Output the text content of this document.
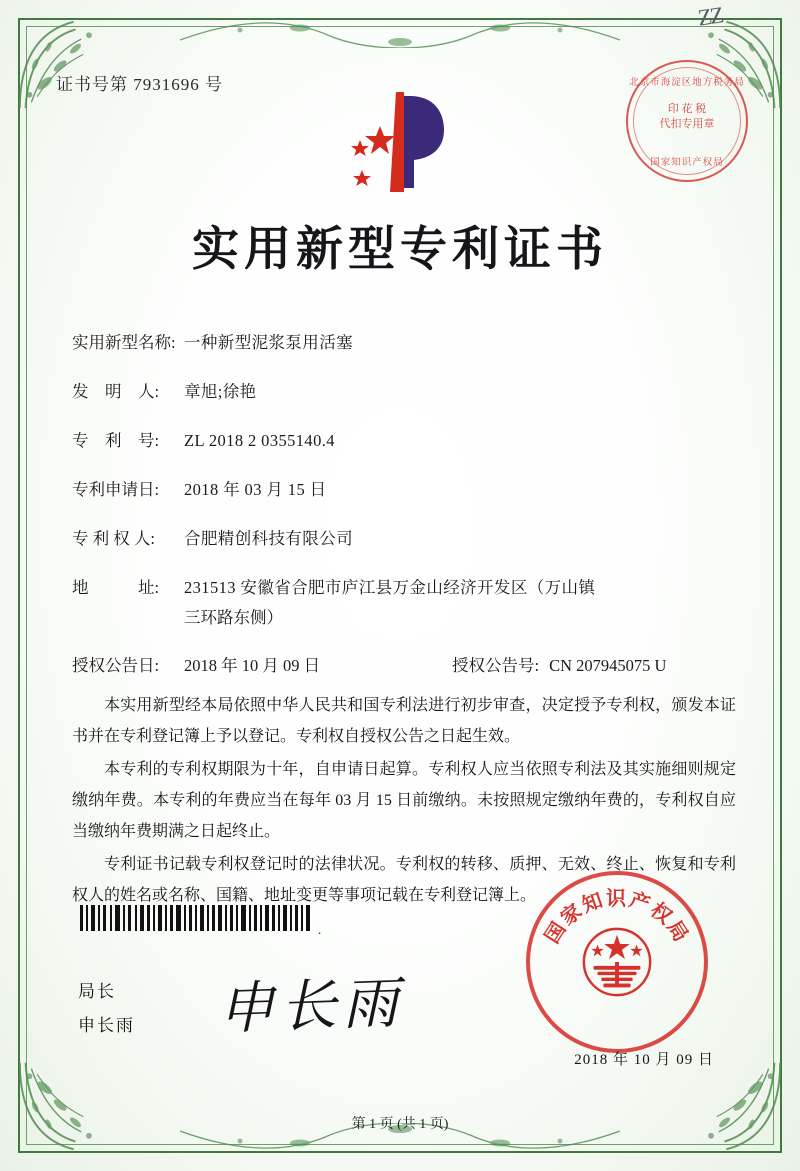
ZZ
证书号第 7931696 号	北京市海淀区地方税务局
印 花 税
代扣专用章
国家知识产权局
实用新型专利证书
实用新型名称: 一种新型泥浆泵用活塞
发　明　人:	章旭;徐艳
专　利　号:	ZL 2018 2 0355140.4
专利申请日:	2018 年 03 月 15 日
专 利 权 人:	合肥精创科技有限公司
地　　　址:	231513 安徽省合肥市庐江县万金山经济开发区（万山镇
三环路东侧）
授权公告日:	2018 年 10 月 09 日	授权公告号: CN 207945075 U

本实用新型经本局依照中华人民共和国专利法进行初步审查，决定授予专利权，颁发本证书并在专利登记簿上予以登记。专利权自授权公告之日起生效。

本专利的专利权期限为十年，自申请日起算。专利权人应当依照专利法及其实施细则规定缴纳年费。本专利的年费应当在每年 03 月 15 日前缴纳。未按照规定缴纳年费的，专利权自应当缴纳年费期满之日起终止。

专利证书记载专利权登记时的法律状况。专利权的转移、质押、无效、终止、恢复和专利权人的姓名或名称、国籍、地址变更等事项记载在专利登记簿上。

.
局长
申长雨 申长雨
国家知识产权局

2018 年 10 月 09 日
第 1 页 (共 1 页)
